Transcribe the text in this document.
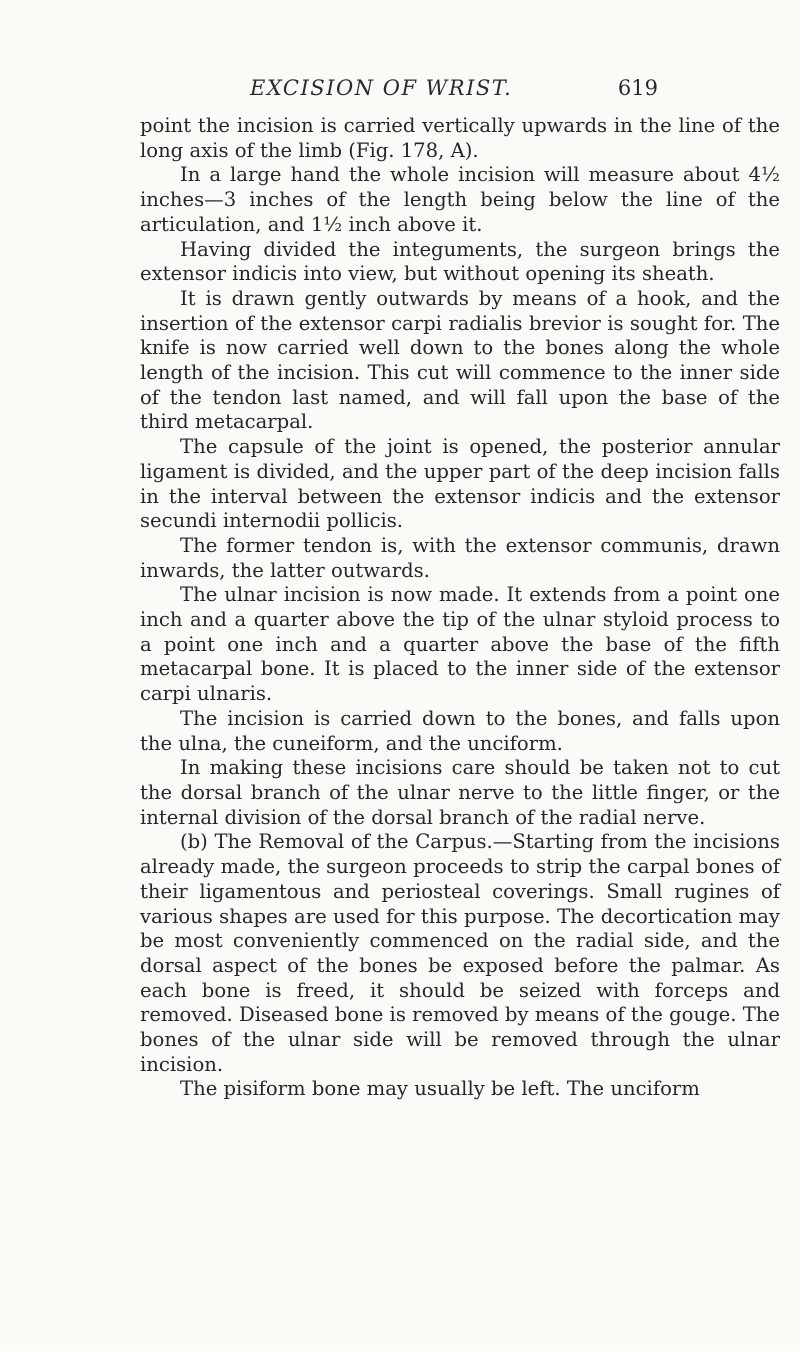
EXCISION OF WRIST.	619

point the incision is carried vertically upwards in the line of the long axis of the limb (Fig. 178, A).

In a large hand the whole incision will measure about 4½ inches—3 inches of the length being below the line of the articulation, and 1½ inch above it.

Having divided the integuments, the surgeon brings the extensor indicis into view, but without opening its sheath.

It is drawn gently outwards by means of a hook, and the insertion of the extensor carpi radialis brevior is sought for. The knife is now carried well down to the bones along the whole length of the incision. This cut will commence to the inner side of the tendon last named, and will fall upon the base of the third metacarpal.

The capsule of the joint is opened, the posterior annular ligament is divided, and the upper part of the deep incision falls in the interval between the extensor indicis and the extensor secundi internodii pollicis.

The former tendon is, with the extensor communis, drawn inwards, the latter outwards.

The ulnar incision is now made. It extends from a point one inch and a quarter above the tip of the ulnar styloid process to a point one inch and a quarter above the base of the fifth metacarpal bone. It is placed to the inner side of the extensor carpi ulnaris.

The incision is carried down to the bones, and falls upon the ulna, the cuneiform, and the unciform.

In making these incisions care should be taken not to cut the dorsal branch of the ulnar nerve to the little finger, or the internal division of the dorsal branch of the radial nerve.

(b) The Removal of the Carpus.—Starting from the incisions already made, the surgeon proceeds to strip the carpal bones of their ligamentous and periosteal coverings. Small rugines of various shapes are used for this purpose. The decortication may be most conveniently commenced on the radial side, and the dorsal aspect of the bones be exposed before the palmar. As each bone is freed, it should be seized with forceps and removed. Diseased bone is removed by means of the gouge. The bones of the ulnar side will be removed through the ulnar incision.

The pisiform bone may usually be left. The unciform
